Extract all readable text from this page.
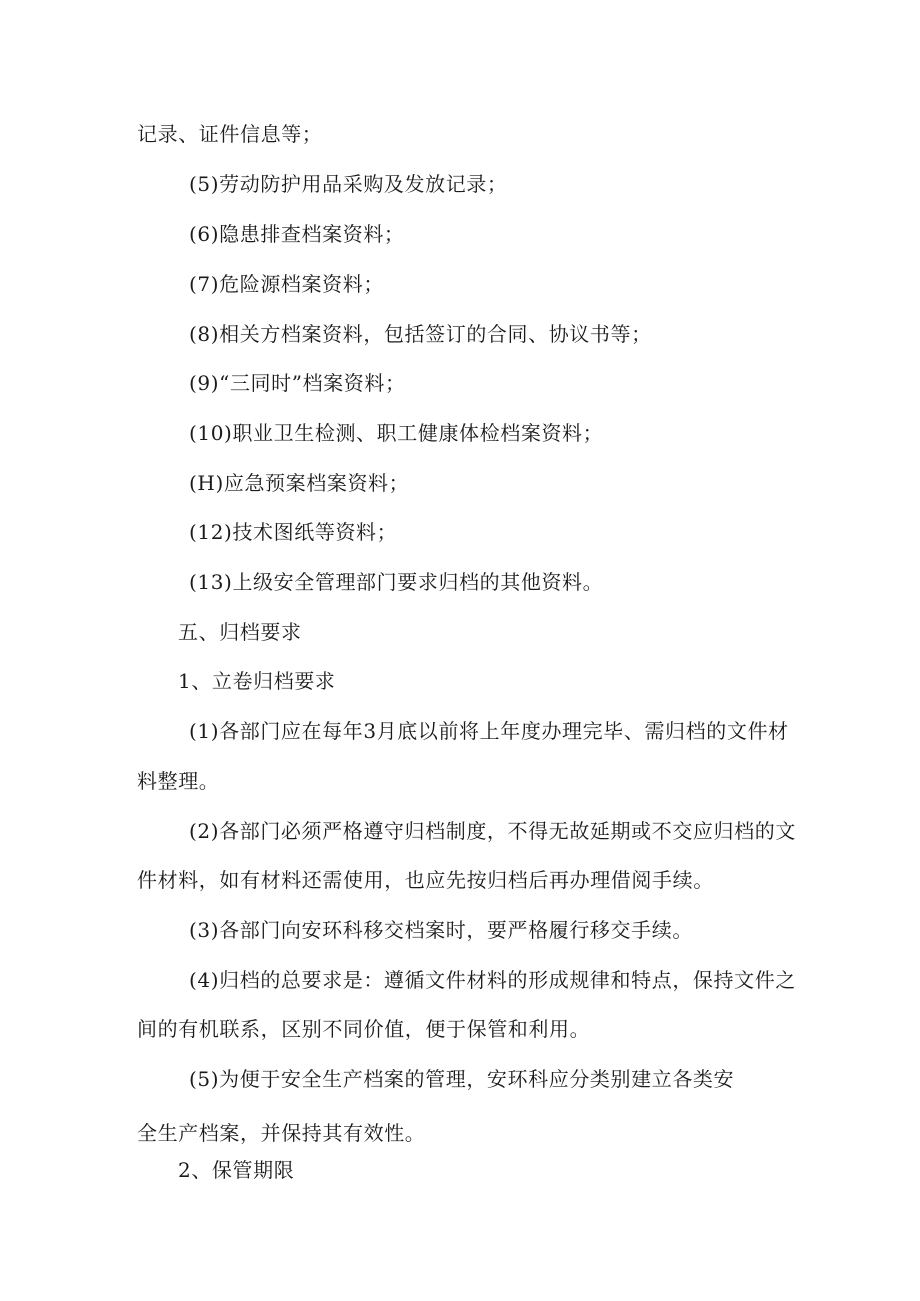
记录、证件信息等；
(5)劳动防护用品采购及发放记录；
(6)隐患排查档案资料；
(7)危险源档案资料；
(8)相关方档案资料，包括签订的合同、协议书等；
(9)“三同时”档案资料；
(10)职业卫生检测、职工健康体检档案资料；
(H)应急预案档案资料；
(12)技术图纸等资料；
(13)上级安全管理部门要求归档的其他资料。
五、归档要求
1、立卷归档要求
(1)各部门应在每年3月底以前将上年度办理完毕、需归档的文件材
料整理。
(2)各部门必须严格遵守归档制度，不得无故延期或不交应归档的文
件材料，如有材料还需使用，也应先按归档后再办理借阅手续。
(3)各部门向安环科移交档案时，要严格履行移交手续。
(4)归档的总要求是：遵循文件材料的形成规律和特点，保持文件之
间的有机联系，区别不同价值，便于保管和利用。
(5)为便于安全生产档案的管理，安环科应分类别建立各类安
全生产档案，并保持其有效性。
2、保管期限
